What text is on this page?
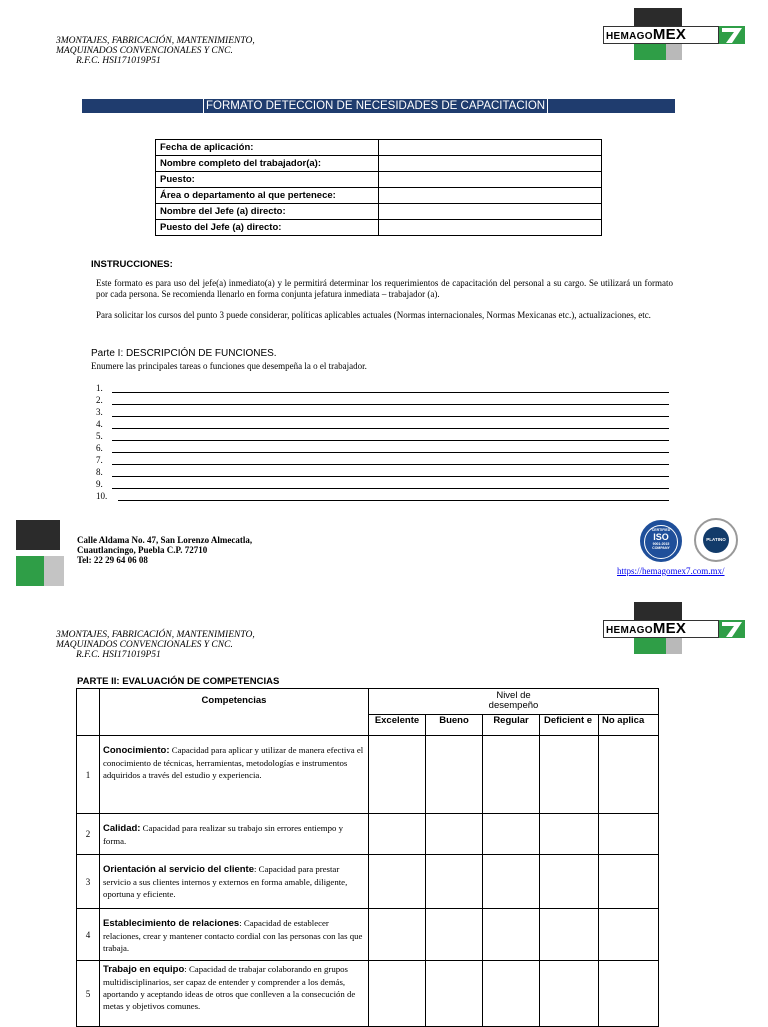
3MONTAJES, FABRICACIÓN, MANTENIMIENTO,
MAQUINADOS CONVENCIONALES Y CNC.
R.F.C. HSI171019P51
HEMAGOMEX
FORMATO DETECCION DE NECESIDADES DE CAPACITACION
Fecha de aplicación:	
Nombre completo del trabajador(a):	
Puesto:	
Área o departamento al que pertenece:	
Nombre del Jefe (a) directo:	
Puesto del Jefe (a) directo:	
INSTRUCCIONES:
Este formato es para uso del jefe(a) inmediato(a) y le permitirá determinar los requerimientos de capacitación del personal a su cargo. Se utilizará un formato por cada persona. Se recomienda llenarlo en forma conjunta jefatura inmediata – trabajador (a).
Para solicitar los cursos del punto 3 puede considerar, políticas aplicables actuales (Normas internacionales, Normas Mexicanas etc.), actualizaciones, etc.
Parte I: DESCRIPCIÓN DE FUNCIONES.
Enumere las principales tareas o funciones que desempeña la o el trabajador.
1.
2.
3.
4.
5.
6.
7.
8.
9.
10.
Calle Aldama No. 47, San Lorenzo Almecatla,
Cuautlancingo, Puebla C.P. 72710
Tel: 22 29 64 06 08
CERTIFIED
ISO
9001:2015
COMPANY
PLATINO
https://hemagomex7.com.mx/
3MONTAJES, FABRICACIÓN, MANTENIMIENTO,
MAQUINADOS CONVENCIONALES Y CNC.
R.F.C. HSI171019P51
HEMAGOMEX
PARTE II: EVALUACIÓN DE COMPETENCIAS
	Competencias	Nivel de
desempeño				

		Excelente	Bueno	Regular	Deficient e	No aplica
1	Conocimiento: Capacidad para aplicar y utilizar de manera efectiva el conocimiento de técnicas, herramientas, metodologías e instrumentos adquiridos a través del estudio y experiencia.					
2	Calidad: Capacidad para realizar su trabajo sin errores entiempo y forma.					
3	Orientación al servicio del cliente: Capacidad para prestar servicio a sus clientes internos y externos en forma amable, diligente, oportuna y eficiente.					
4	Establecimiento de relaciones: Capacidad de establecer relaciones, crear y mantener contacto cordial con las personas con las que trabaja.					
5	Trabajo en equipo: Capacidad de trabajar colaborando en grupos multidisciplinarios, ser capaz de entender y comprender a los demás, aportando y aceptando ideas de otros que conlleven a la consecución de metas y objetivos comunes.					
